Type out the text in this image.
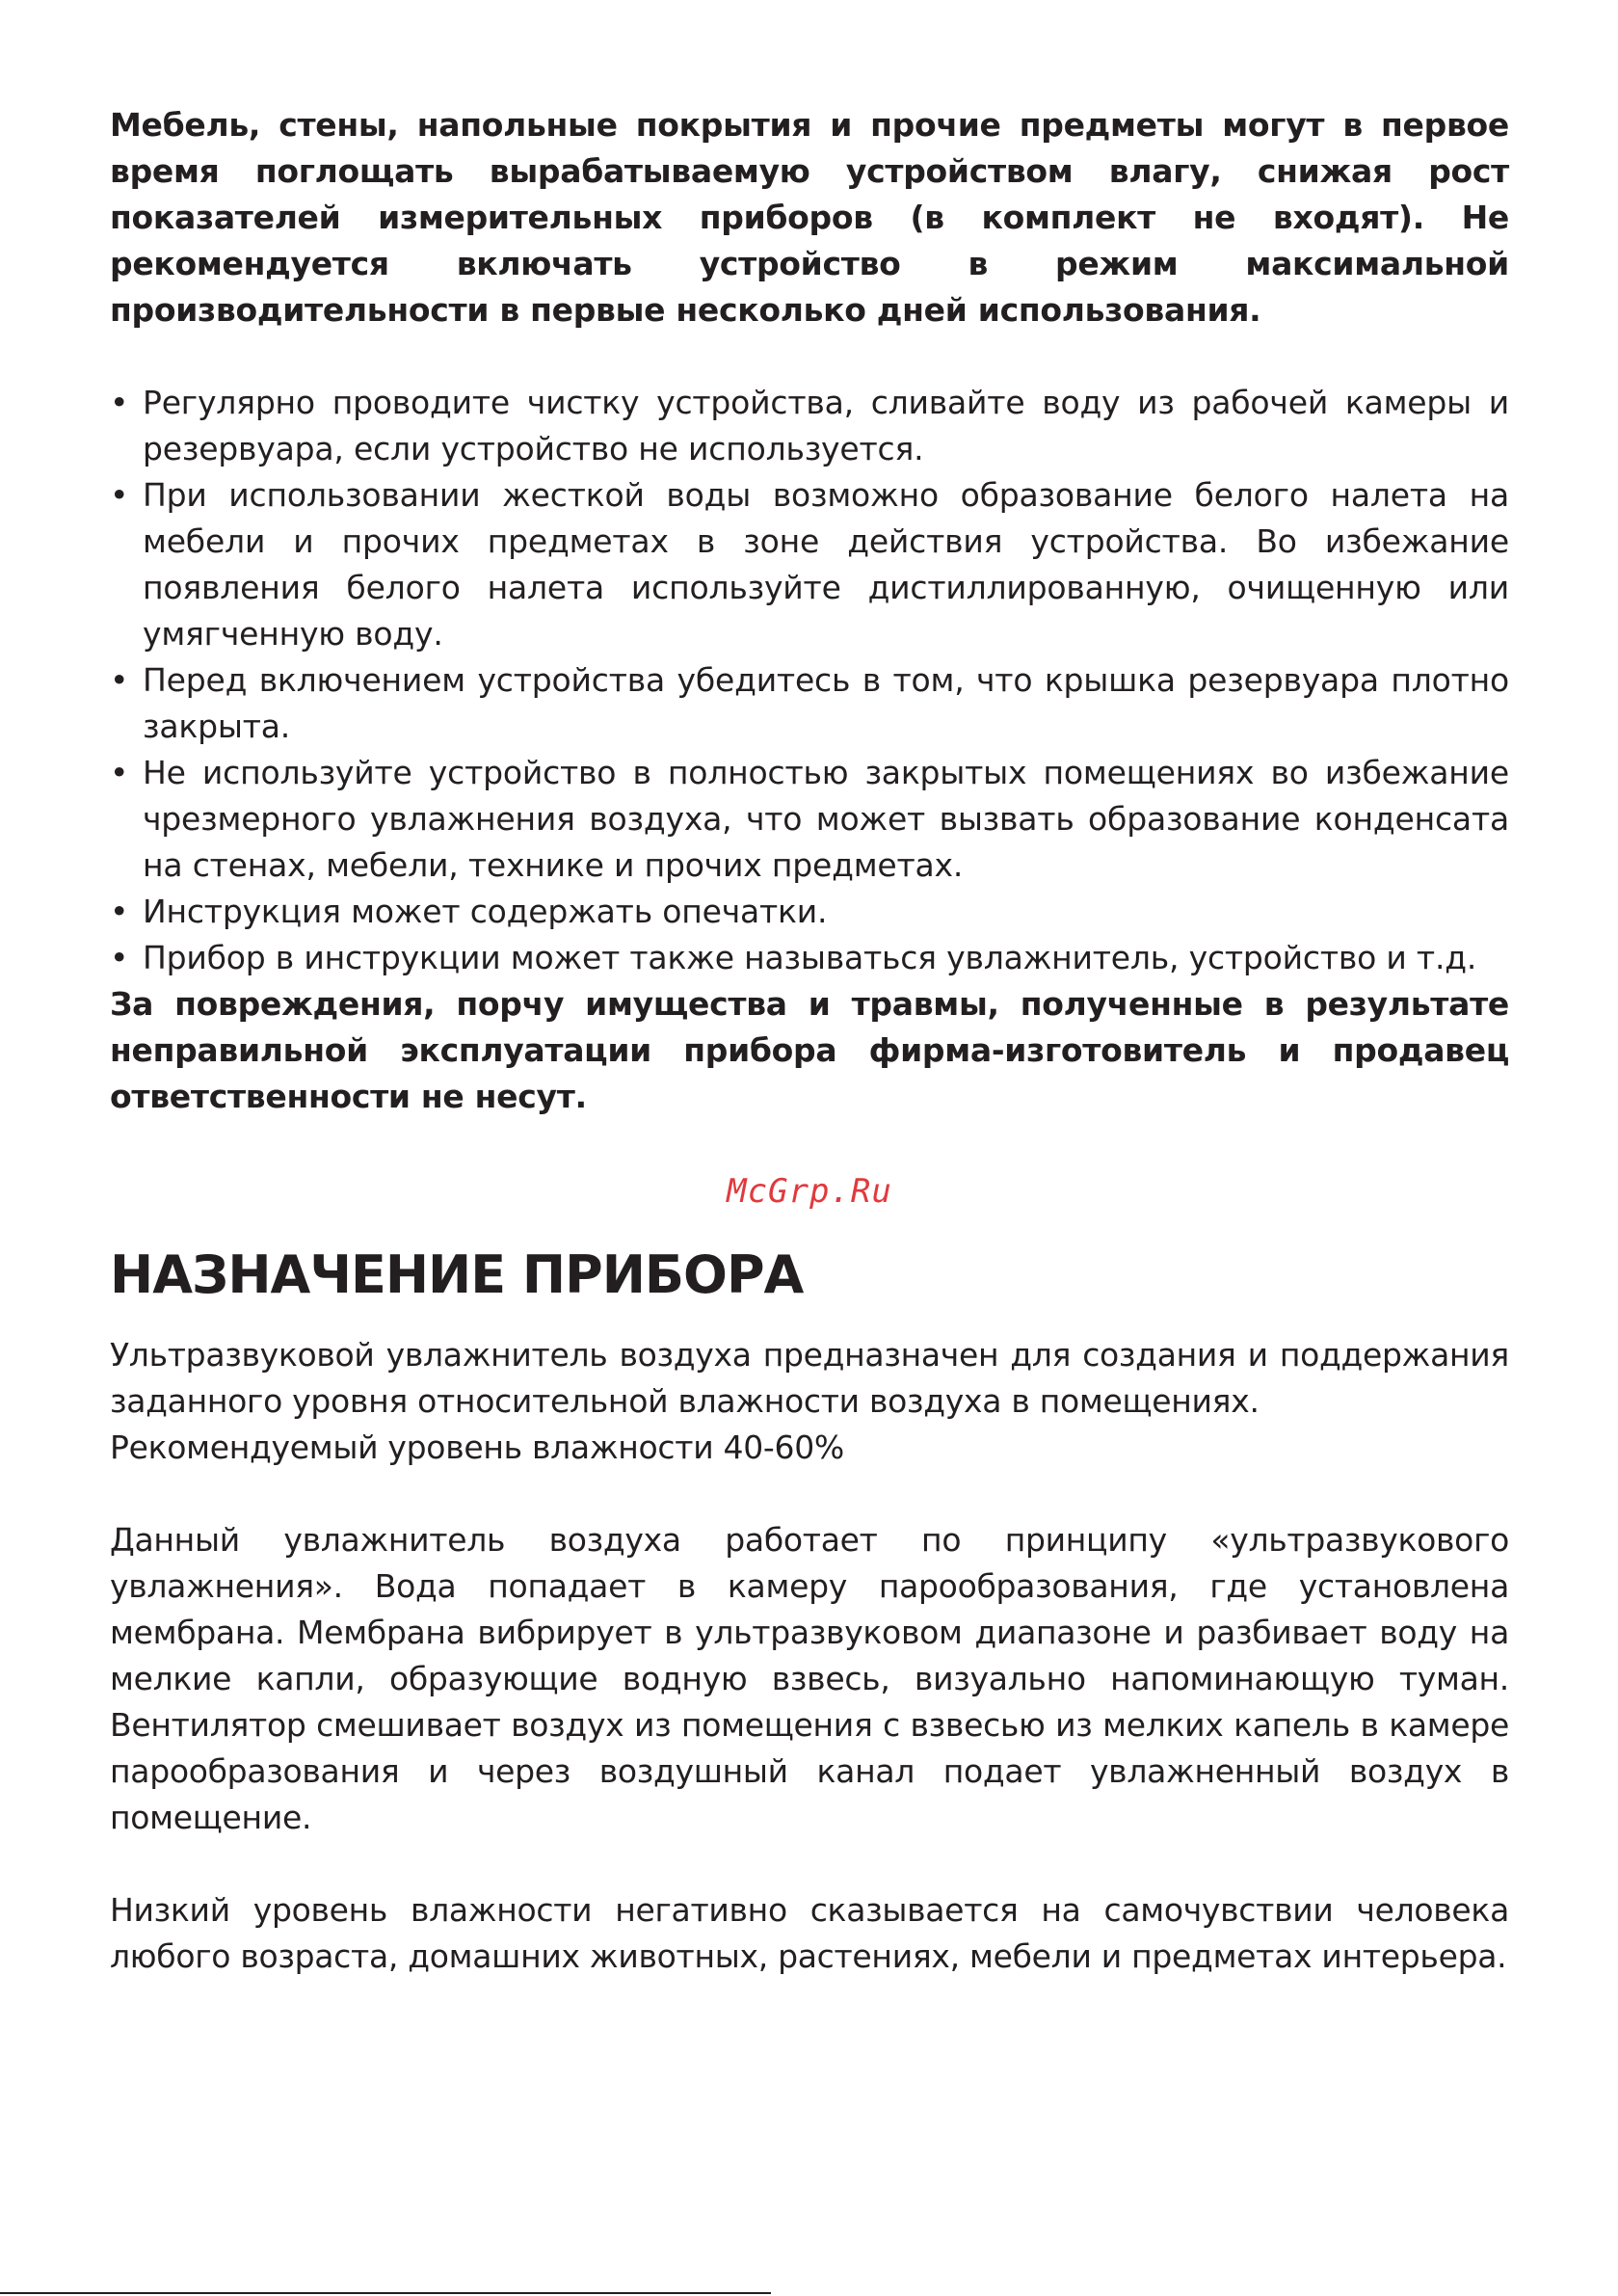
Мебель, стены, напольные покрытия и прочие предметы могут в первое время поглощать вырабатываемую устройством влагу, снижая рост показателей измерительных приборов (в комплект не входят). Не рекомендуется включать устройство в режим максимальной производительности в первые несколько дней использования.

• Регулярно проводите чистку устройства, сливайте воду из рабочей камеры и резервуара, если устройство не используется.
• При использовании жесткой воды возможно образование белого налета на мебели и прочих предметах в зоне действия устройства. Во избежание появления белого налета используйте дистиллированную, очищенную или умягченную воду.
• Перед включением устройства убедитесь в том, что крышка резервуара плотно закрыта.
• Не используйте устройство в полностью закрытых помещениях во избежание чрезмерного увлажнения воздуха, что может вызвать образование конденсата на стенах, мебели, технике и прочих предметах.
• Инструкция может содержать опечатки.
• Прибор в инструкции может также называться увлажнитель, устройство и т.д.

За повреждения, порчу имущества и травмы, полученные в результате неправильной эксплуатации прибора фирма-изготовитель и продавец ответственности не несут.

McGrp.Ru
НАЗНАЧЕНИЕ ПРИБОРА

Ультразвуковой увлажнитель воздуха предназначен для создания и поддержания заданного уровня относительной влажности воздуха в помещениях.

Рекомендуемый уровень влажности 40-60%

Данный увлажнитель воздуха работает по принципу «ультразвукового увлажнения». Вода попадает в камеру парообразования, где установлена мембрана. Мембрана вибрирует в ультразвуковом диапазоне и разбивает воду на мелкие капли, образующие водную взвесь, визуально напоминающую туман. Вентилятор смешивает воздух из помещения с взвесью из мелких капель в камере парообразования и через воздушный канал подает увлажненный воздух в помещение.

Низкий уровень влажности негативно сказывается на самочувствии человека любого возраста, домашних животных, растениях, мебели и предметах интерьера.
